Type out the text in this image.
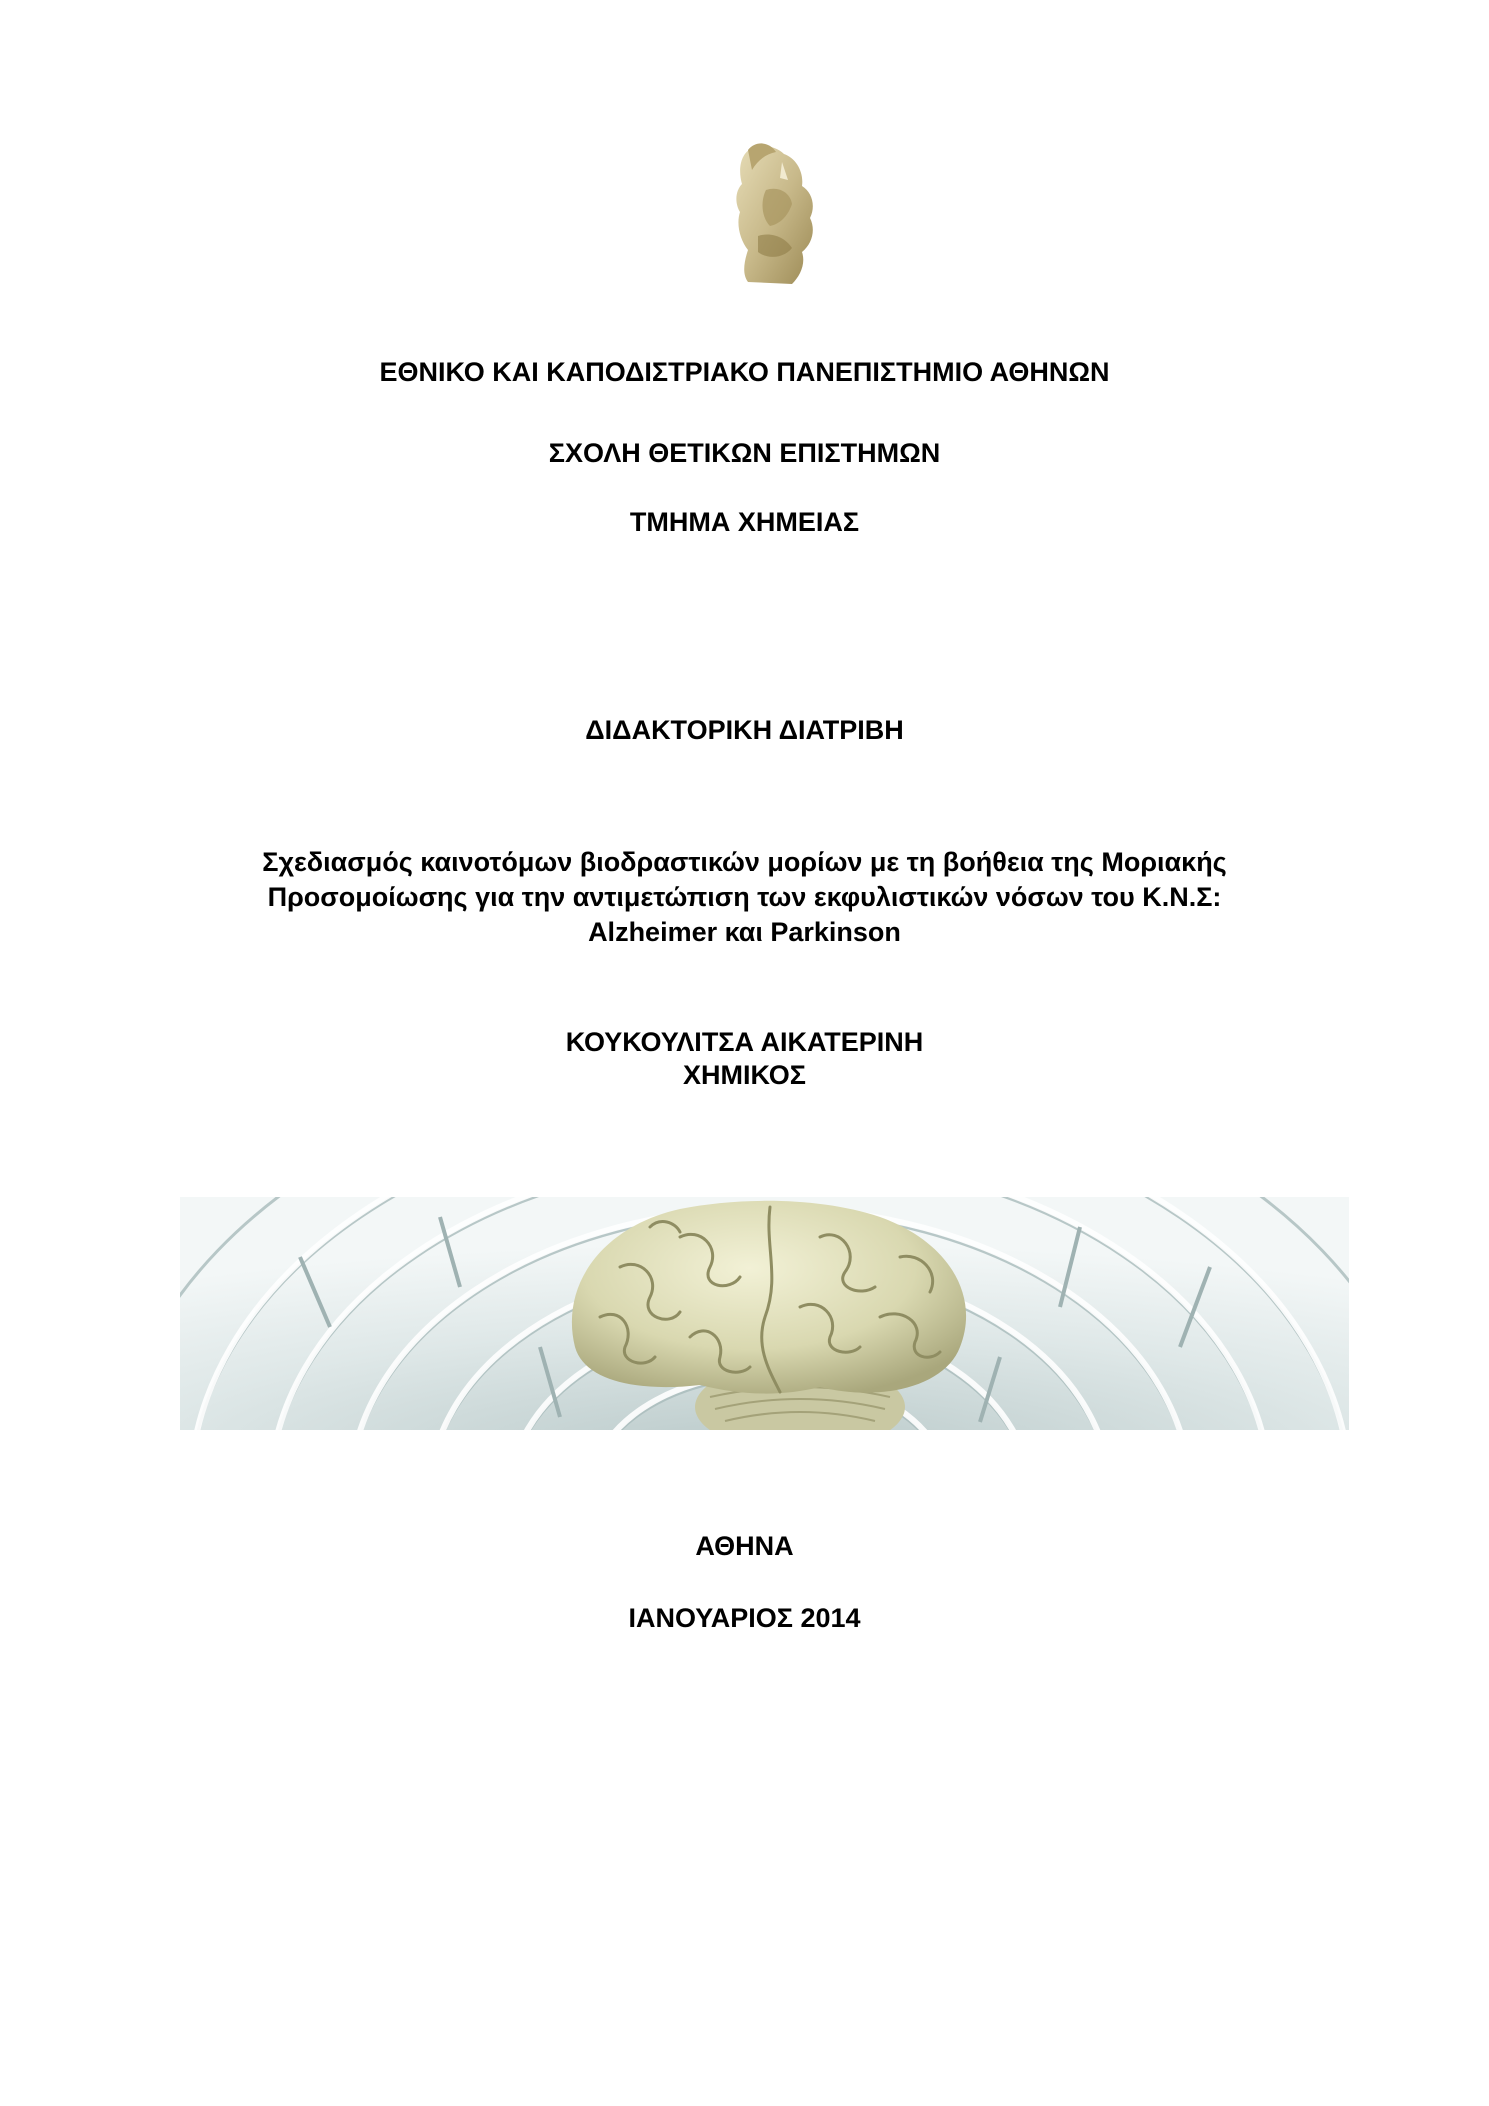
ΕΘΝΙΚΟ ΚΑΙ ΚΑΠΟΔΙΣΤΡΙΑΚΟ ΠΑΝΕΠΙΣΤΗΜΙΟ ΑΘΗΝΩΝ
ΣΧΟΛΗ ΘΕΤΙΚΩΝ ΕΠΙΣΤΗΜΩΝ
ΤΜΗΜΑ ΧΗΜΕΙΑΣ
ΔΙΔΑΚΤΟΡΙΚΗ ΔΙΑΤΡΙΒΗ
Σχεδιασμός καινοτόμων βιοδραστικών μορίων με τη βοήθεια της Μοριακής
Προσομοίωσης για την αντιμετώπιση των εκφυλιστικών νόσων του Κ.Ν.Σ:
Alzheimer και Parkinson
ΚΟΥΚΟΥΛΙΤΣΑ ΑΙΚΑΤΕΡΙΝΗ
ΧΗΜΙΚΟΣ
ΑΘΗΝΑ
ΙΑΝΟΥΑΡΙΟΣ 2014
